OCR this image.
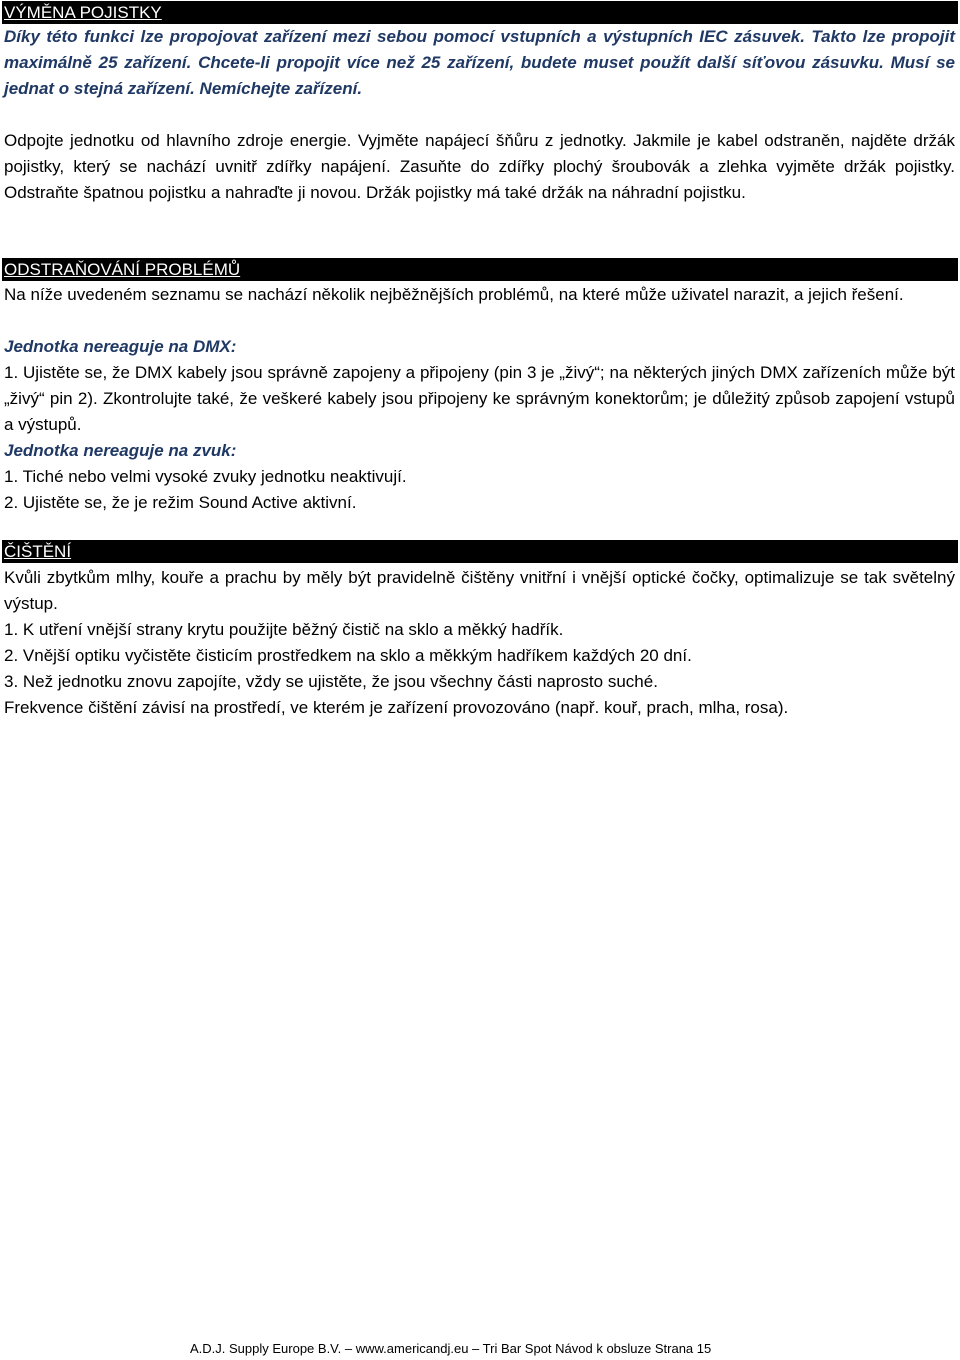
VÝMĚNA POJISTKY
Díky této funkci lze propojovat zařízení mezi sebou pomocí vstupních a výstupních IEC zásuvek. Takto lze propojit maximálně 25 zařízení. Chcete-li propojit více než 25 zařízení, budete muset použít další síťovou zásuvku. Musí se jednat o stejná zařízení. Nemíchejte zařízení.
Odpojte jednotku od hlavního zdroje energie. Vyjměte napájecí šňůru z jednotky. Jakmile je kabel odstraněn, najděte držák pojistky, který se nachází uvnitř zdířky napájení. Zasuňte do zdířky plochý šroubovák a zlehka vyjměte držák pojistky. Odstraňte špatnou pojistku a nahraďte ji novou. Držák pojistky má také držák na náhradní pojistku.
ODSTRAŇOVÁNÍ PROBLÉMŮ
Na níže uvedeném seznamu se nachází několik nejběžnějších problémů, na které může uživatel narazit, a jejich řešení.
Jednotka nereaguje na DMX:
1. Ujistěte se, že DMX kabely jsou správně zapojeny a připojeny (pin 3 je „živý“; na některých jiných DMX zařízeních může být „živý“ pin 2). Zkontrolujte také, že veškeré kabely jsou připojeny ke správným konektorům; je důležitý způsob zapojení vstupů a výstupů.
Jednotka nereaguje na zvuk:
1. Tiché nebo velmi vysoké zvuky jednotku neaktivují.
2. Ujistěte se, že je režim Sound Active aktivní.
ČIŠTĚNÍ
Kvůli zbytkům mlhy, kouře a prachu by měly být pravidelně čištěny vnitřní i vnější optické čočky, optimalizuje se tak světelný výstup.
1. K utření vnější strany krytu použijte běžný čistič na sklo a měkký hadřík.
2. Vnější optiku vyčistěte čisticím prostředkem na sklo a měkkým hadříkem každých 20 dní.
3. Než jednotku znovu zapojíte, vždy se ujistěte, že jsou všechny části naprosto suché.
Frekvence čištění závisí na prostředí, ve kterém je zařízení provozováno (např. kouř, prach, mlha, rosa).
A.D.J. Supply Europe B.V. – www.americandj.eu – Tri Bar Spot Návod k obsluze Strana 15
